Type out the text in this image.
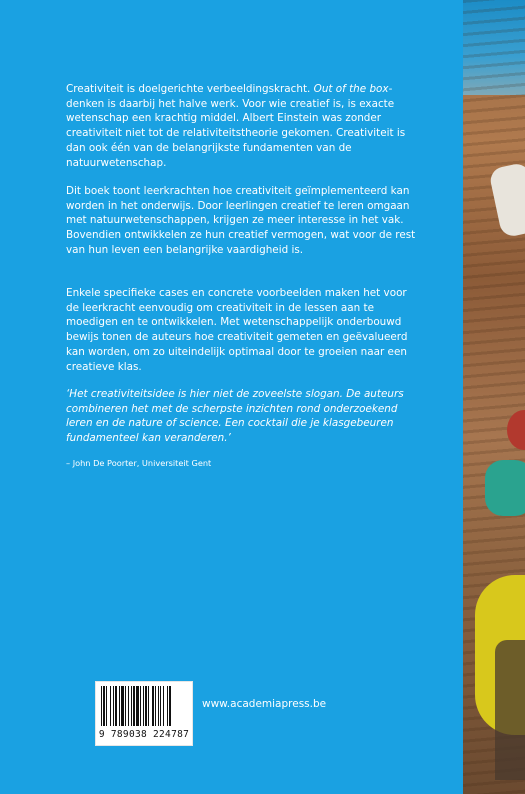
Creativiteit is doelgerichte verbeeldingskracht. Out of the box-denken is daarbij het halve werk. Voor wie creatief is, is exacte wetenschap een krachtig middel. Albert Einstein was zonder creativiteit niet tot de relativiteitstheorie gekomen. Creativiteit is dan ook één van de belangrijkste fundamenten van de natuurwetenschap.

Dit boek toont leerkrachten hoe creativiteit geïmplementeerd kan worden in het onderwijs. Door leerlingen creatief te leren omgaan met natuurwetenschappen, krijgen ze meer interesse in het vak. Bovendien ontwikkelen ze hun creatief vermogen, wat voor de rest van hun leven een belangrijke vaardigheid is.

Enkele specifieke cases en concrete voorbeelden maken het voor de leerkracht eenvoudig om creativiteit in de lessen aan te moedigen en te ontwikkelen. Met wetenschappelijk onderbouwd bewijs tonen de auteurs hoe creativiteit gemeten en geëvalueerd kan worden, om zo uiteindelijk optimaal door te groeien naar een creatieve klas.

‘Het creativiteitsidee is hier niet de zoveelste slogan. De auteurs combineren het met de scherpste inzichten rond onderzoekend leren en de nature of science. Een cocktail die je klasgebeuren fundamenteel kan veranderen.’

– John De Poorter, Universiteit Gent

9 789038 224787
www.academiapress.be
